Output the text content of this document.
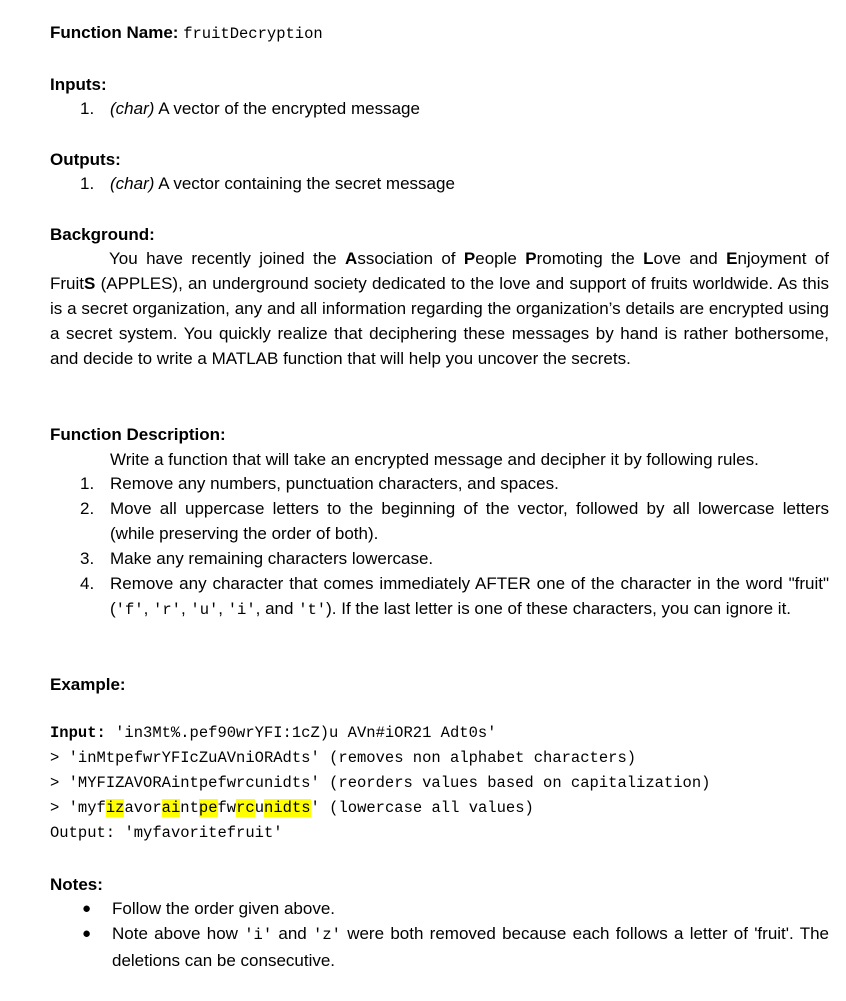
Function Name: fruitDecryption
Inputs:
1. (char) A vector of the encrypted message
Outputs:
1. (char) A vector containing the secret message
Background:
You have recently joined the Association of People Promoting the Love and Enjoyment of FruitS (APPLES), an underground society dedicated to the love and support of fruits worldwide. As this is a secret organization, any and all information regarding the organization’s details are encrypted using a secret system. You quickly realize that deciphering these messages by hand is rather bothersome, and decide to write a MATLAB function that will help you uncover the secrets.
Function Description:
Write a function that will take an encrypted message and decipher it by following rules.
1. Remove any numbers, punctuation characters, and spaces.
2. Move all uppercase letters to the beginning of the vector, followed by all lowercase letters (while preserving the order of both).
3. Make any remaining characters lowercase.
4. Remove any character that comes immediately AFTER one of the character in the word "fruit" ('f', 'r', 'u', 'i', and 't'). If the last letter is one of these characters, you can ignore it.
Example:
Input: 'in3Mt%.pef90wrYFI:1cZ)u AVn#iOR21 Adt0s'
> 'inMtpefwrYFIcZuAVniORAdts' (removes non alphabet characters)
> 'MYFIZAVORAintpefwrcunidts' (reorders values based on capitalization)
> 'myfizavoraintpefwrcunidts' (lowercase all values)
Output: 'myfavoritefruit'
Notes:
●	Follow the order given above.
●	Note above how 'i' and 'z' were both removed because each follows a letter of 'fruit'. The deletions can be consecutive.
